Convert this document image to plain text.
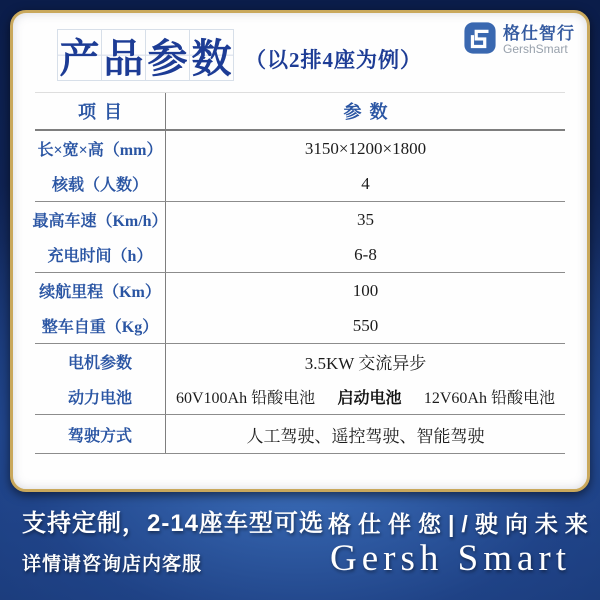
产 品 参 数 （以2排4座为例）
格仕智行
GershSmart
项目	参数
长×宽×高（mm）	3150×1200×1800
核载（人数）	4
最高车速（Km/h）	35
充电时间（h）	6-8
续航里程（Km）	100
整车自重（Kg）	550
电机参数	3.5KW 交流异步
动力电池	60V100Ah 铅酸电池 启动电池 12V60Ah 铅酸电池
驾驶方式	人工驾驶、遥控驾驶、智能驾驶
支持定制，2-14座车型可选
详情请咨询店内客服
格仕伴您|/驶向未来
Gersh Smart
